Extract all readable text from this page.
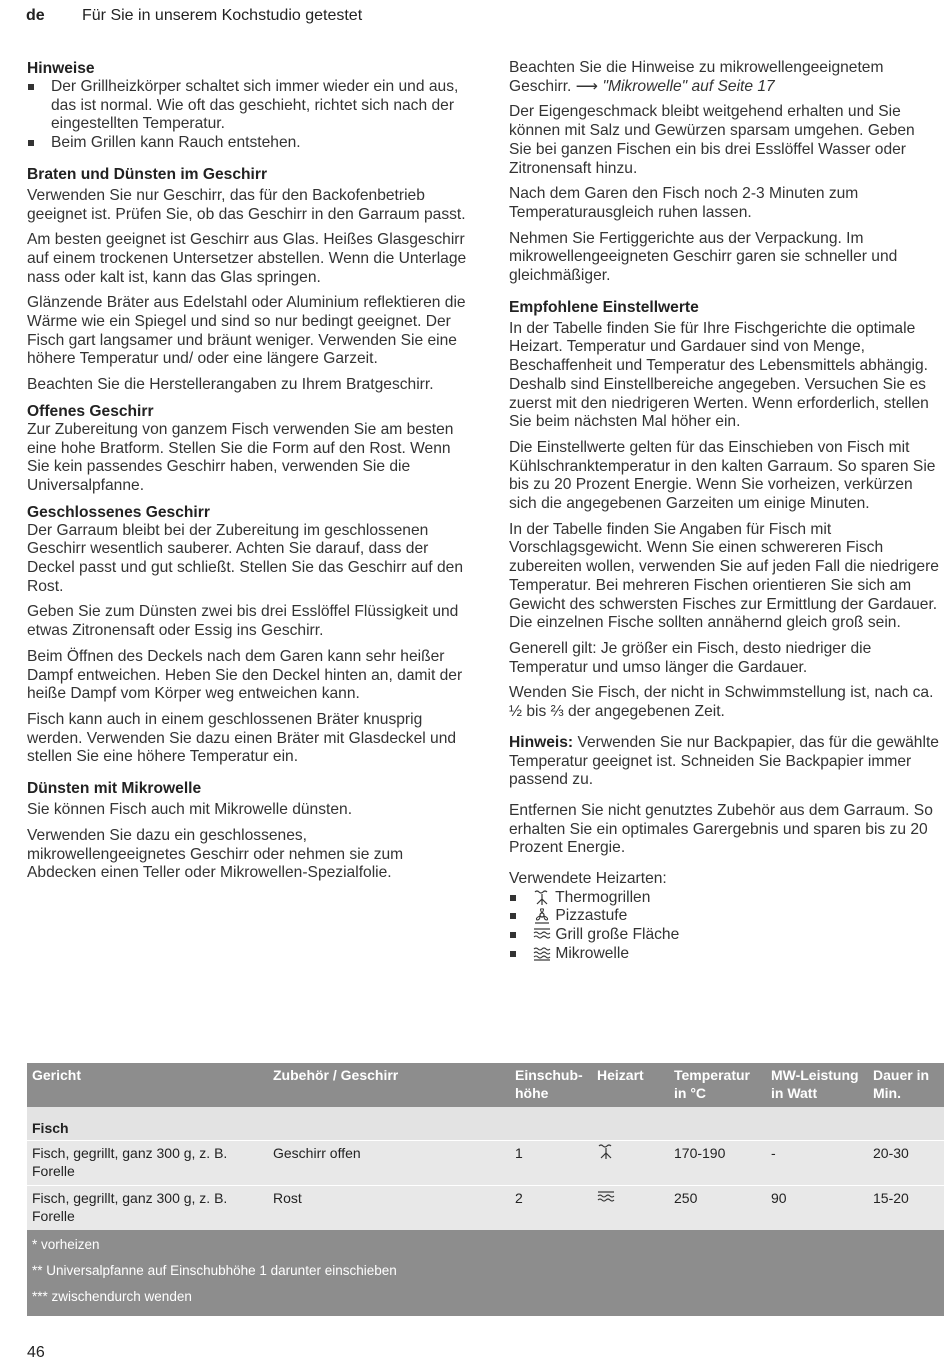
de Für Sie in unserem Kochstudio getestet
Hinweise
Der Grillheizkörper schaltet sich immer wieder ein und aus, das ist normal. Wie oft das geschieht, richtet sich nach der eingestellten Temperatur.
Beim Grillen kann Rauch entstehen.
Braten und Dünsten im Geschirr

Verwenden Sie nur Geschirr, das für den Backofenbetrieb geeignet ist. Prüfen Sie, ob das Geschirr in den Garraum passt.

Am besten geeignet ist Geschirr aus Glas. Heißes Glasgeschirr auf einem trockenen Untersetzer abstellen. Wenn die Unterlage nass oder kalt ist, kann das Glas springen.

Glänzende Bräter aus Edelstahl oder Aluminium reflektieren die Wärme wie ein Spiegel und sind so nur bedingt geeignet. Der Fisch gart langsamer und bräunt weniger. Verwenden Sie eine höhere Temperatur und/ oder eine längere Garzeit.

Beachten Sie die Herstellerangaben zu Ihrem Bratgeschirr.

Offenes Geschirr

Zur Zubereitung von ganzem Fisch verwenden Sie am besten eine hohe Bratform. Stellen Sie die Form auf den Rost. Wenn Sie kein passendes Geschirr haben, verwenden Sie die Universalpfanne.

Geschlossenes Geschirr

Der Garraum bleibt bei der Zubereitung im geschlossenen Geschirr wesentlich sauberer. Achten Sie darauf, dass der Deckel passt und gut schließt. Stellen Sie das Geschirr auf den Rost.

Geben Sie zum Dünsten zwei bis drei Esslöffel Flüssigkeit und etwas Zitronensaft oder Essig ins Geschirr.

Beim Öffnen des Deckels nach dem Garen kann sehr heißer Dampf entweichen. Heben Sie den Deckel hinten an, damit der heiße Dampf vom Körper weg entweichen kann.

Fisch kann auch in einem geschlossenen Bräter knusprig werden. Verwenden Sie dazu einen Bräter mit Glasdeckel und stellen Sie eine höhere Temperatur ein.

Dünsten mit Mikrowelle

Sie können Fisch auch mit Mikrowelle dünsten.

Verwenden Sie dazu ein geschlossenes, mikrowellengeeignetes Geschirr oder nehmen sie zum Abdecken einen Teller oder Mikrowellen-Spezialfolie.

Beachten Sie die Hinweise zu mikrowellengeeignetem Geschirr. ⟶ "Mikrowelle" auf Seite 17

Der Eigengeschmack bleibt weitgehend erhalten und Sie können mit Salz und Gewürzen sparsam umgehen. Geben Sie bei ganzen Fischen ein bis drei Esslöffel Wasser oder Zitronensaft hinzu.

Nach dem Garen den Fisch noch 2-3 Minuten zum Temperaturausgleich ruhen lassen.

Nehmen Sie Fertiggerichte aus der Verpackung. Im mikrowellengeeigneten Geschirr garen sie schneller und gleichmäßiger.

Empfohlene Einstellwerte

In der Tabelle finden Sie für Ihre Fischgerichte die optimale Heizart. Temperatur und Gardauer sind von Menge, Beschaffenheit und Temperatur des Lebensmittels abhängig. Deshalb sind Einstellbereiche angegeben. Versuchen Sie es zuerst mit den niedrigeren Werten. Wenn erforderlich, stellen Sie beim nächsten Mal höher ein.

Die Einstellwerte gelten für das Einschieben von Fisch mit Kühlschranktemperatur in den kalten Garraum. So sparen Sie bis zu 20 Prozent Energie. Wenn Sie vorheizen, verkürzen sich die angegebenen Garzeiten um einige Minuten.

In der Tabelle finden Sie Angaben für Fisch mit Vorschlagsgewicht. Wenn Sie einen schwereren Fisch zubereiten wollen, verwenden Sie auf jeden Fall die niedrigere Temperatur. Bei mehreren Fischen orientieren Sie sich am Gewicht des schwersten Fisches zur Ermittlung der Gardauer. Die einzelnen Fische sollten annähernd gleich groß sein.

Generell gilt: Je größer ein Fisch, desto niedriger die Temperatur und umso länger die Gardauer.

Wenden Sie Fisch, der nicht in Schwimmstellung ist, nach ca. ½ bis ⅔ der angegebenen Zeit.

Hinweis: Verwenden Sie nur Backpapier, das für die gewählte Temperatur geeignet ist. Schneiden Sie Backpapier immer passend zu.

Entfernen Sie nicht genutztes Zubehör aus dem Garraum. So erhalten Sie ein optimales Garergebnis und sparen bis zu 20 Prozent Energie.

Verwendete Heizarten:

Thermogrillen
Pizzastufe
Grill große Fläche
Mikrowelle
Gericht	Zubehör / Geschirr	Einschub-höhe	Heizart	Temperatur in °C	MW-Leistung in Watt	Dauer in Min.
Fisch						
Fisch, gegrillt, ganz 300 g, z. B. Forelle	Geschirr offen	1		170-190	-	20-30
Fisch, gegrillt, ganz 300 g, z. B. Forelle	Rost	2		250	90	15-20
* vorheizen						
** Universalpfanne auf Einschubhöhe 1 darunter einschieben						
*** zwischendurch wenden						
46
